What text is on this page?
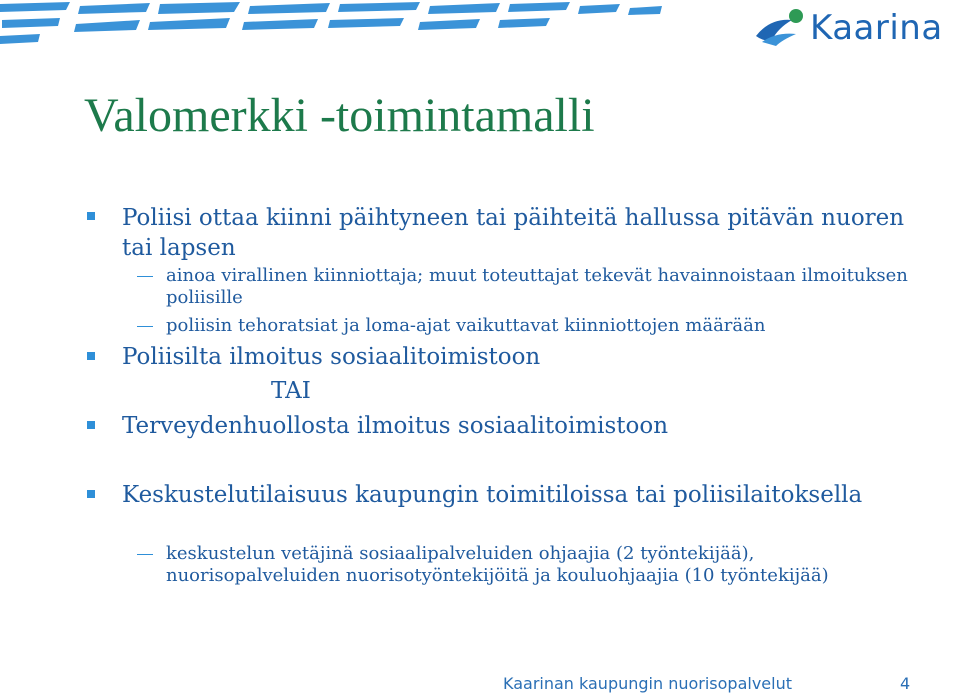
Kaarina
Valomerkki -toimintamalli
Poliisi ottaa kiinni päihtyneen tai päihteitä hallussa pitävän nuoren tai lapsen
ainoa virallinen kiinniottaja; muut toteuttajat tekevät havainnoistaan ilmoituksen poliisille
poliisin tehoratsiat ja loma-ajat vaikuttavat kiinniottojen määrään
Poliisilta ilmoitus sosiaalitoimistoon
TAI
Terveydenhuollosta ilmoitus sosiaalitoimistoon
Keskustelutilaisuus kaupungin toimitiloissa tai poliisilaitoksella
keskustelun vetäjinä sosiaalipalveluiden ohjaajia (2 työntekijää), nuorisopalveluiden nuorisotyöntekijöitä ja kouluohjaajia (10 työntekijää)
Kaarinan kaupungin nuorisopalvelut	4
